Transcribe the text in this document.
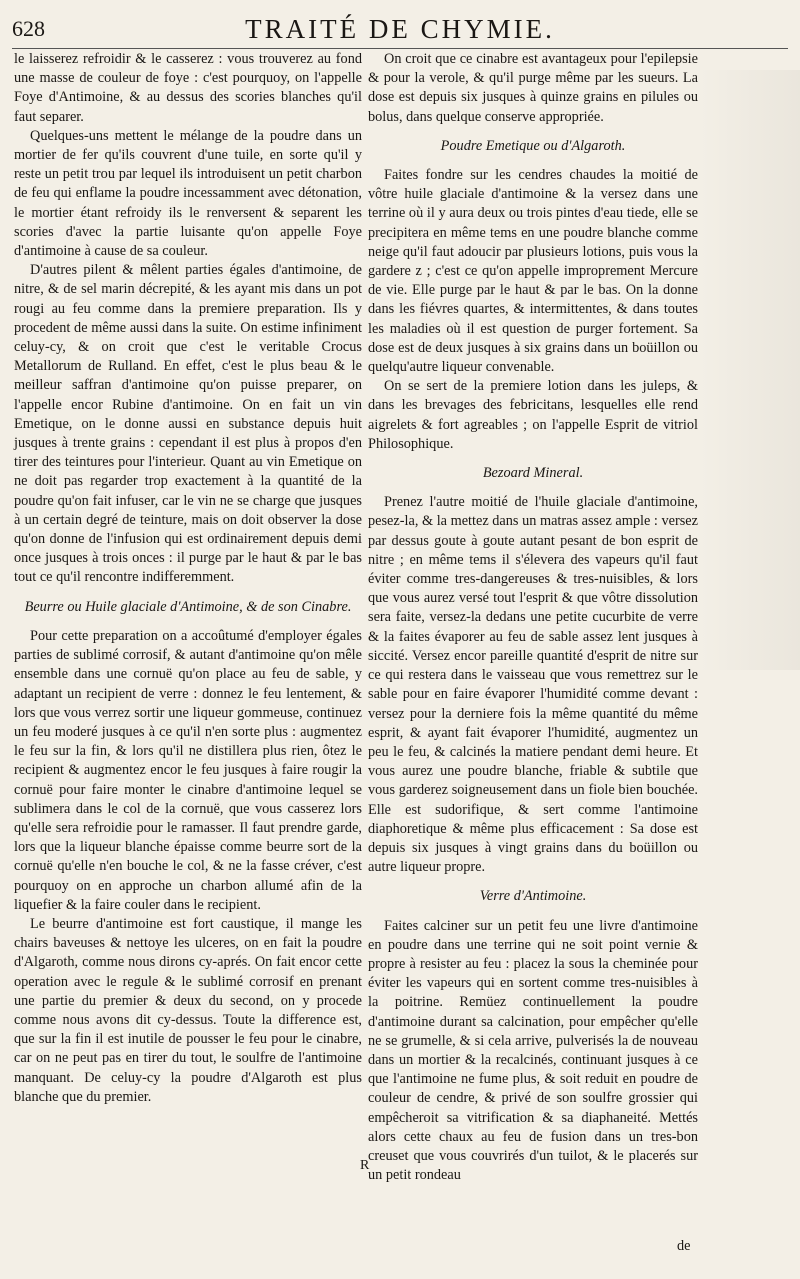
628	TRAITÉ DE CHYMIE.

le laisserez refroidir & le casserez : vous trouverez au fond une masse de couleur de foye : c'est pourquoy, on l'appelle Foye d'Antimoine, & au dessus des scories blanches qu'il faut separer.

Quelques-uns mettent le mélange de la poudre dans un mortier de fer qu'ils couvrent d'une tuile, en sorte qu'il y reste un petit trou par lequel ils introduisent un petit charbon de feu qui enflame la poudre incessamment avec détonation, le mortier étant refroidy ils le renversent & separent les scories d'avec la partie luisante qu'on appelle Foye d'antimoine à cause de sa couleur.

D'autres pilent & mêlent parties égales d'antimoine, de nitre, & de sel marin décrepité, & les ayant mis dans un pot rougi au feu comme dans la premiere preparation. Ils y procedent de même aussi dans la suite. On estime infiniment celuy-cy, & on croit que c'est le veritable Crocus Metallorum de Rulland. En effet, c'est le plus beau & le meilleur saffran d'antimoine qu'on puisse preparer, on l'appelle encor Rubine d'antimoine. On en fait un vin Emetique, on le donne aussi en substance depuis huit jusques à trente grains : cependant il est plus à propos d'en tirer des teintures pour l'interieur. Quant au vin Emetique on ne doit pas regarder trop exactement à la quantité de la poudre qu'on fait infuser, car le vin ne se charge que jusques à un certain degré de teinture, mais on doit observer la dose qu'on donne de l'infusion qui est ordinairement depuis demi once jusques à trois onces : il purge par le haut & par le bas tout ce qu'il rencontre indifferemment.

Beurre ou Huile glaciale d'Antimoine, & de son Cinabre.

Pour cette preparation on a accoûtumé d'employer égales parties de sublimé corrosif, & autant d'antimoine qu'on mêle ensemble dans une cornuë qu'on place au feu de sable, y adaptant un recipient de verre : donnez le feu lentement, & lors que vous verrez sortir une liqueur gommeuse, continuez un feu moderé jusques à ce qu'il n'en sorte plus : augmentez le feu sur la fin, & lors qu'il ne distillera plus rien, ôtez le recipient & augmentez encor le feu jusques à faire rougir la cornuë pour faire monter le cinabre d'antimoine lequel se sublimera dans le col de la cornuë, que vous casserez lors qu'elle sera refroidie pour le ramasser. Il faut prendre garde, lors que la liqueur blanche épaisse comme beurre sort de la cornuë qu'elle n'en bouche le col, & ne la fasse créver, c'est pourquoy on en approche un charbon allumé afin de la liquefier & la faire couler dans le recipient.

Le beurre d'antimoine est fort caustique, il mange les chairs baveuses & nettoye les ulceres, on en fait la poudre d'Algaroth, comme nous dirons cy-aprés. On fait encor cette operation avec le regule & le sublimé corrosif en prenant une partie du premier & deux du second, on y procede comme nous avons dit cy-dessus. Toute la difference est, que sur la fin il est inutile de pousser le feu pour le cinabre, car on ne peut pas en tirer du tout, le soulfre de l'antimoine manquant. De celuy-cy la poudre d'Algaroth est plus blanche que du premier.

On croit que ce cinabre est avantageux pour l'epilepsie & pour la verole, & qu'il purge même par les sueurs. La dose est depuis six jusques à quinze grains en pilules ou bolus, dans quelque conserve appropriée.

Poudre Emetique ou d'Algaroth.

Faites fondre sur les cendres chaudes la moitié de vôtre huile glaciale d'antimoine & la versez dans une terrine où il y aura deux ou trois pintes d'eau tiede, elle se precipitera en même tems en une poudre blanche comme neige qu'il faut adoucir par plusieurs lotions, puis vous la gardere z ; c'est ce qu'on appelle improprement Mercure de vie. Elle purge par le haut & par le bas. On la donne dans les fiévres quartes, & intermittentes, & dans toutes les maladies où il est question de purger fortement. Sa dose est de deux jusques à six grains dans un boüillon ou quelqu'autre liqueur convenable.

On se sert de la premiere lotion dans les juleps, & dans les brevages des febricitans, lesquelles elle rend aigrelets & fort agreables ; on l'appelle Esprit de vitriol Philosophique.

Bezoard Mineral.

Prenez l'autre moitié de l'huile glaciale d'antimoine, pesez-la, & la mettez dans un matras assez ample : versez par dessus goute à goute autant pesant de bon esprit de nitre ; en même tems il s'élevera des vapeurs qu'il faut éviter comme tres-dangereuses & tres-nuisibles, & lors que vous aurez versé tout l'esprit & que vôtre dissolution sera faite, versez-la dedans une petite cucurbite de verre & la faites évaporer au feu de sable assez lent jusques à siccité. Versez encor pareille quantité d'esprit de nitre sur ce qui restera dans le vaisseau que vous remettrez sur le sable pour en faire évaporer l'humidité comme devant : versez pour la derniere fois la même quantité du même esprit, & ayant fait évaporer l'humidité, augmentez un peu le feu, & calcinés la matiere pendant demi heure. Et vous aurez une poudre blanche, friable & subtile que vous garderez soigneusement dans un fiole bien bouchée. Elle est sudorifique, & sert comme l'antimoine diaphoretique & même plus efficacement : Sa dose est depuis six jusques à vingt grains dans du boüillon ou autre liqueur propre.

Verre d'Antimoine.

Faites calciner sur un petit feu une livre d'antimoine en poudre dans une terrine qui ne soit point vernie & propre à resister au feu : placez la sous la cheminée pour éviter les vapeurs qui en sortent comme tres-nuisibles à la poitrine. Remüez continuellement la poudre d'antimoine durant sa calcination, pour empêcher qu'elle ne se grumelle, & si cela arrive, pulverisés la de nouveau dans un mortier & la recalcinés, continuant jusques à ce que l'antimoine ne fume plus, & soit reduit en poudre de couleur de cendre, & privé de son soulfre grossier qui empêcheroit sa vitrification & sa diaphaneité. Mettés alors cette chaux au feu de fusion dans un tres-bon creuset que vous couvrirés d'un tuilot, & le placerés sur un petit rondeau

R
de
